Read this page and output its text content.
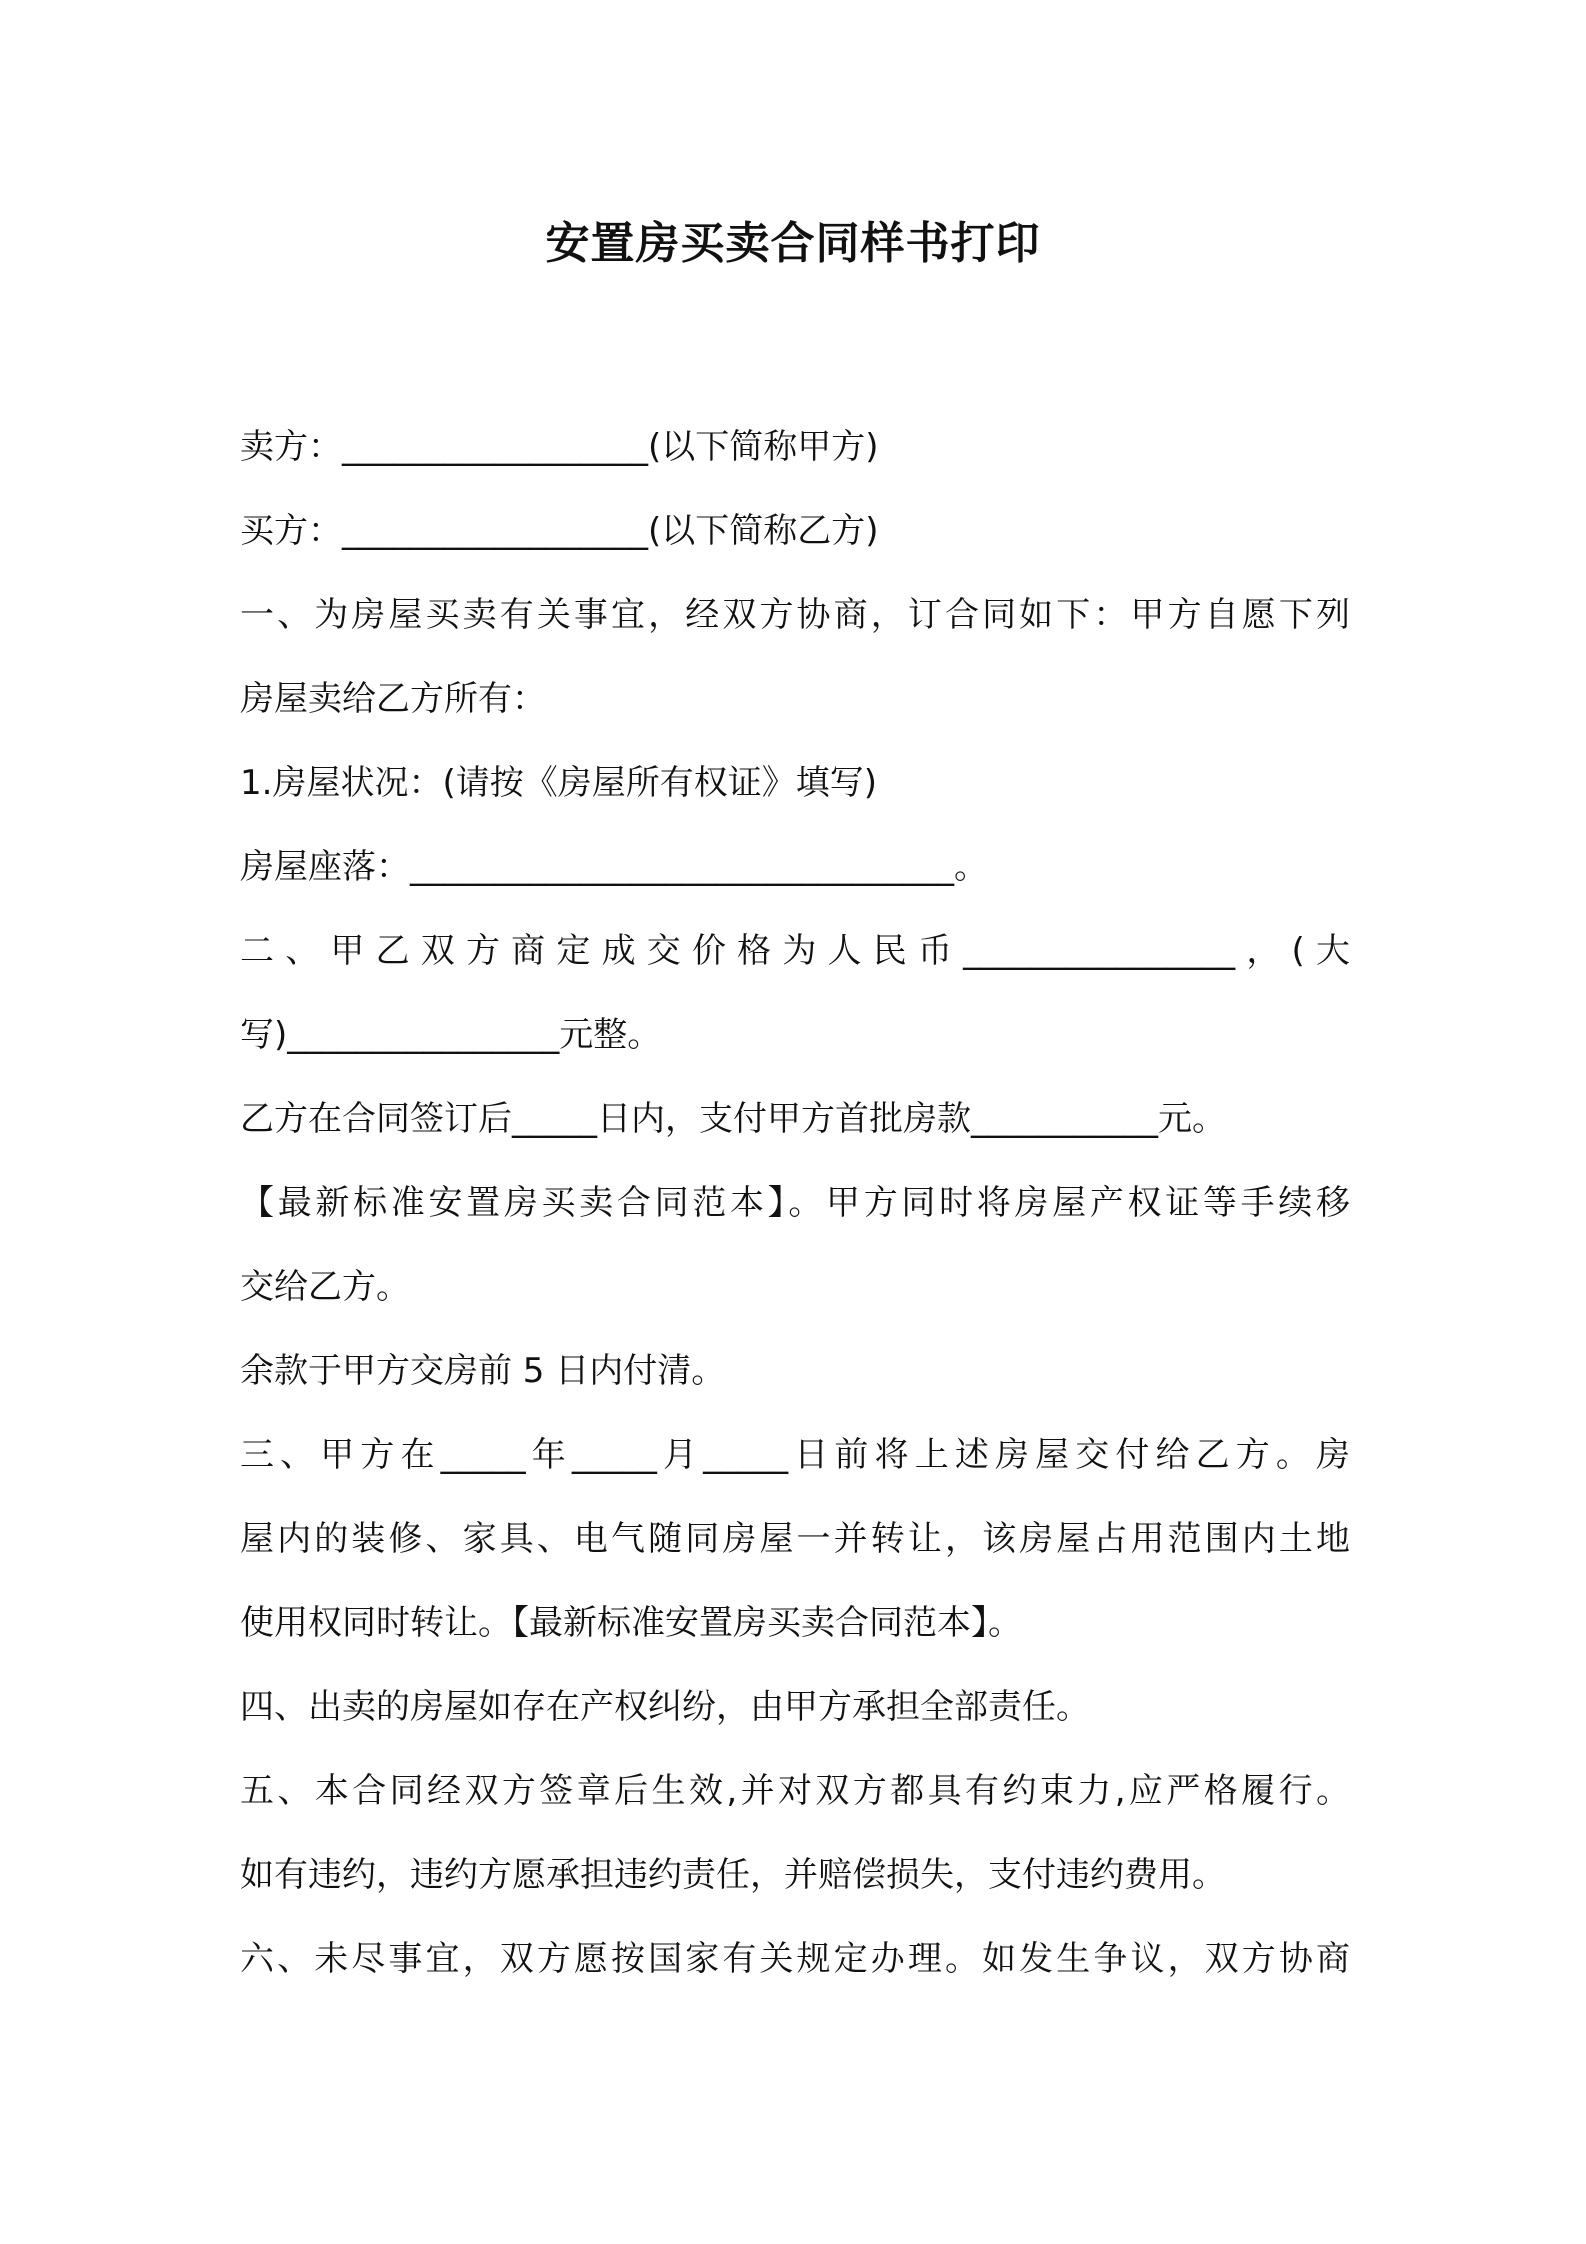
安置房买卖合同样书打印
卖方：__________________(以下简称甲方)
买方：__________________(以下简称乙方)
一、为房屋买卖有关事宜，经双方协商，订合同如下：甲方自愿下列
房屋卖给乙方所有：
1.房屋状况：(请按《房屋所有权证》填写)
房屋座落：________________________________。
二、甲乙双方商定成交价格为人民币________________，(大
写)________________元整。
乙方在合同签订后_____日内，支付甲方首批房款___________元。
【最新标准安置房买卖合同范本】。甲方同时将房屋产权证等手续移
交给乙方。
余款于甲方交房前 5 日内付清。
三、甲方在_____年_____月_____日前将上述房屋交付给乙方。房
屋内的装修、家具、电气随同房屋一并转让，该房屋占用范围内土地
使用权同时转让。【最新标准安置房买卖合同范本】。
四、出卖的房屋如存在产权纠纷，由甲方承担全部责任。
五、本合同经双方签章后生效,并对双方都具有约束力,应严格履行。
如有违约，违约方愿承担违约责任，并赔偿损失，支付违约费用。
六、未尽事宜，双方愿按国家有关规定办理。如发生争议，双方协商
